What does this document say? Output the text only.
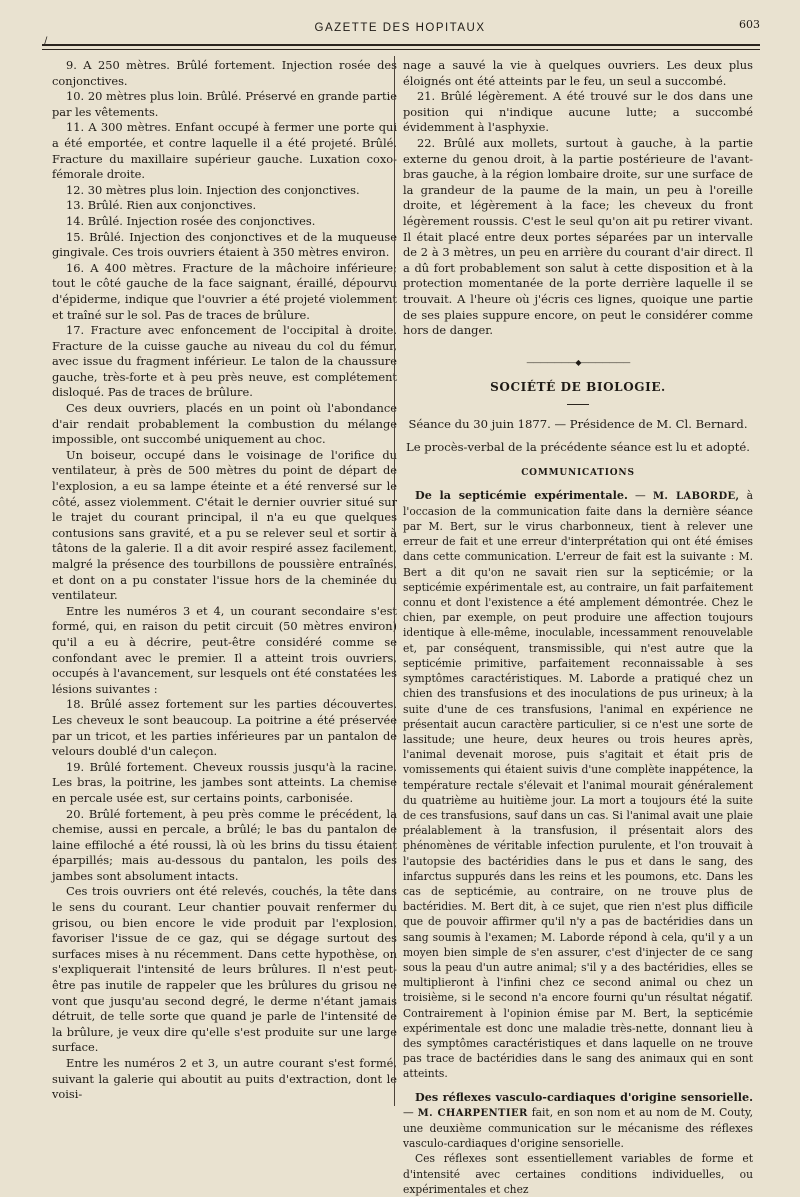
GAZETTE DES HOPITAUX	603
/

9. A 250 mètres. Brûlé fortement. Injection rosée des conjonctives.

10. 20 mètres plus loin. Brûlé. Préservé en grande partie par les vêtements.

11. A 300 mètres. Enfant occupé à fermer une porte qui a été emportée, et contre laquelle il a été projeté. Brûlé. Fracture du maxillaire supérieur gauche. Luxation coxo-fémorale droite.

12. 30 mètres plus loin. Injection des conjonctives.

13. Brûlé. Rien aux conjonctives.

14. Brûlé. Injection rosée des conjonctives.

15. Brûlé. Injection des conjonctives et de la muqueuse gingivale. Ces trois ouvriers étaient à 350 mètres environ.

16. A 400 mètres. Fracture de la mâchoire inférieure; tout le côté gauche de la face saignant, éraillé, dépourvu d'épiderme, indique que l'ouvrier a été projeté violemment et traîné sur le sol. Pas de traces de brûlure.

17. Fracture avec enfoncement de l'occipital à droite. Fracture de la cuisse gauche au niveau du col du fémur, avec issue du fragment inférieur. Le talon de la chaussure gauche, très-forte et à peu près neuve, est complétement disloqué. Pas de traces de brûlure.

Ces deux ouvriers, placés en un point où l'abondance d'air rendait probablement la combustion du mélange impossible, ont succombé uniquement au choc.

Un boiseur, occupé dans le voisinage de l'orifice du ventilateur, à près de 500 mètres du point de départ de l'explosion, a eu sa lampe éteinte et a été renversé sur le côté, assez violemment. C'était le dernier ouvrier situé sur le trajet du courant principal, il n'a eu que quelques contusions sans gravité, et a pu se relever seul et sortir à tâtons de la galerie. Il a dit avoir respiré assez facilement, malgré la présence des tourbillons de poussière entraînés, et dont on a pu constater l'issue hors de la cheminée du ventilateur.

Entre les numéros 3 et 4, un courant secondaire s'est formé, qui, en raison du petit circuit (50 mètres environ) qu'il a eu à décrire, peut-être considéré comme se confondant avec le premier. Il a atteint trois ouvriers, occupés à l'avancement, sur lesquels ont été constatées les lésions suivantes :

18. Brûlé assez fortement sur les parties découvertes. Les cheveux le sont beaucoup. La poitrine a été préservée par un tricot, et les parties inférieures par un pantalon de velours doublé d'un caleçon.

19. Brûlé fortement. Cheveux roussis jusqu'à la racine. Les bras, la poitrine, les jambes sont atteints. La chemise en percale usée est, sur certains points, carbonisée.

20. Brûlé fortement, à peu près comme le précédent, la chemise, aussi en percale, a brûlé; le bas du pantalon de laine effiloché a été roussi, là où les brins du tissu étaient éparpillés; mais au-dessous du pantalon, les poils des jambes sont absolument intacts.

Ces trois ouvriers ont été relevés, couchés, la tête dans le sens du courant. Leur chantier pouvait renfermer du grisou, ou bien encore le vide produit par l'explosion, favoriser l'issue de ce gaz, qui se dégage surtout des surfaces mises à nu récemment. Dans cette hypothèse, on s'expliquerait l'intensité de leurs brûlures. Il n'est peut-être pas inutile de rappeler que les brûlures du grisou ne vont que jusqu'au second degré, le derme n'étant jamais détruit, de telle sorte que quand je parle de l'intensité de la brûlure, je veux dire qu'elle s'est produite sur une large surface.

Entre les numéros 2 et 3, un autre courant s'est formé, suivant la galerie qui aboutit au puits d'extraction, dont le voisi-

nage a sauvé la vie à quelques ouvriers. Les deux plus éloignés ont été atteints par le feu, un seul a succombé.

21. Brûlé légèrement. A été trouvé sur le dos dans une position qui n'indique aucune lutte; a succombé évidemment à l'asphyxie.

22. Brûlé aux mollets, surtout à gauche, à la partie externe du genou droit, à la partie postérieure de l'avant-bras gauche, à la région lombaire droite, sur une surface de la grandeur de la paume de la main, un peu à l'oreille droite, et légèrement à la face; les cheveux du front légèrement roussis. C'est le seul qu'on ait pu retirer vivant. Il était placé entre deux portes séparées par un intervalle de 2 à 3 mètres, un peu en arrière du courant d'air direct. Il a dû fort probablement son salut à cette disposition et à la protection momentanée de la porte derrière laquelle il se trouvait. A l'heure où j'écris ces lignes, quoique une partie de ses plaies suppure encore, on peut le considérer comme hors de danger.

———————◆———————
SOCIÉTÉ DE BIOLOGIE.
Séance du 30 juin 1877. — Présidence de M. Cl. Bernard.
Le procès-verbal de la précédente séance est lu et adopté.
COMMUNICATIONS

De la septicémie expérimentale. — M. LABORDE, à l'occasion de la communication faite dans la dernière séance par M. Bert, sur le virus charbonneux, tient à relever une erreur de fait et une erreur d'interprétation qui ont été émises dans cette communication. L'erreur de fait est la suivante : M. Bert a dit qu'on ne savait rien sur la septicémie; or la septicémie expérimentale est, au contraire, un fait parfaitement connu et dont l'existence a été amplement démontrée. Chez le chien, par exemple, on peut produire une affection toujours identique à elle-même, inoculable, incessamment renouvelable et, par conséquent, transmissible, qui n'est autre que la septicémie primitive, parfaitement reconnaissable à ses symptômes caractéristiques. M. Laborde a pratiqué chez un chien des transfusions et des inoculations de pus urineux; à la suite d'une de ces transfusions, l'animal en expérience ne présentait aucun caractère particulier, si ce n'est une sorte de lassitude; une heure, deux heures ou trois heures après, l'animal devenait morose, puis s'agitait et était pris de vomissements qui étaient suivis d'une complète inappétence, la température rectale s'élevait et l'animal mourait généralement du quatrième au huitième jour. La mort a toujours été la suite de ces transfusions, sauf dans un cas. Si l'animal avait une plaie préalablement à la transfusion, il présentait alors des phénomènes de véritable infection purulente, et l'on trouvait à l'autopsie des bactéridies dans le pus et dans le sang, des infarctus suppurés dans les reins et les poumons, etc. Dans les cas de septicémie, au contraire, on ne trouve plus de bactéridies. M. Bert dit, à ce sujet, que rien n'est plus difficile que de pouvoir affirmer qu'il n'y a pas de bactéridies dans un sang soumis à l'examen; M. Laborde répond à cela, qu'il y a un moyen bien simple de s'en assurer, c'est d'injecter de ce sang sous la peau d'un autre animal; s'il y a des bactéridies, elles se multiplieront à l'infini chez ce second animal ou chez un troisième, si le second n'a encore fourni qu'un résultat négatif. Contrairement à l'opinion émise par M. Bert, la septicémie expérimentale est donc une maladie très-nette, donnant lieu à des symptômes caractéristiques et dans laquelle on ne trouve pas trace de bactéridies dans le sang des animaux qui en sont atteints.

Des réflexes vasculo-cardiaques d'origine sensorielle. — M. CHARPENTIER fait, en son nom et au nom de M. Couty, une deuxième communication sur le mécanisme des réflexes vasculo-cardiaques d'origine sensorielle.

Ces réflexes sont essentiellement variables de forme et d'intensité avec certaines conditions individuelles, ou expérimentales et chez
